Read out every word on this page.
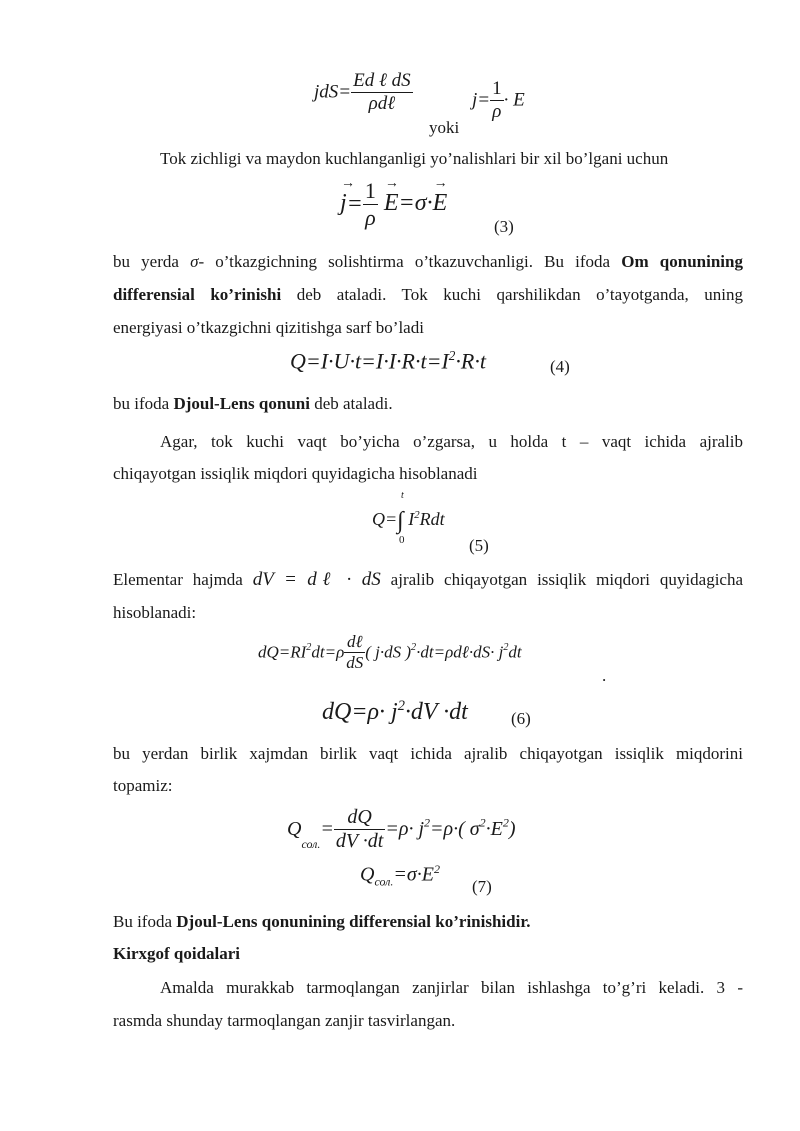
$jdS= \frac{\text{Ed ℓ dS}}{\text{ρdℓ}}$
yoki
$j= \frac{1}{\rho} \cdot E$
Tok zichligi va maydon kuchlanganligi yo’nalishlari bir xil bo’lgani uchun
→ $j= \frac{1}{\rho}$
→ E=σ·→ E
(3)
bu yerda σ- o’tkazgichning solishtirma o’tkazuvchanligi. Bu ifoda Om qonunining
differensial ko’rinishi deb ataladi. Tok kuchi qarshilikdan o’tayotganda, uning
energiyasi o’tkazgichni qizitishga sarf bo’ladi
$Q=I\cdot U\cdot t=I\cdot I\cdot R\cdot t=I^2\cdot R\cdot t$	(4)
bu ifoda Djoul-Lens qonuni deb ataladi.
Agar, tok kuchi vaqt bo’yicha o’zgarsa, u holda t – vaqt ichida ajralib
chiqayotgan issiqlik miqdori quyidagicha hisoblanadi
t
Q=∫ $I^2Rdt$
0	(5)
Elementar hajmda dV = dℓ · dS ajralib chiqayotgan issiqlik miqdori quyidagicha
hisoblanadi:
$dQ=RI^2dt=\rho \frac{\text{dℓ}}{dS}$ ( j·dS )$^2$·dt=ρdℓ·dS· $j^2dt$
.
$dQ=\rho\cdot j^2\cdot dV \cdot dt$	(6)
bu yerdan birlik xajmdan birlik vaqt ichida ajralib chiqayotgan issiqlik miqdorini
topamiz:
$Q_{сол.}= \frac{dQ}{dV \cdot dt} =\rho\cdot j^2=\rho\cdot$( $\sigma^2\cdot E^2$)
$Q_{сол.}=\sigma\cdot E^2$
(7)
Bu ifoda Djoul-Lens qonunining differensial ko’rinishidir.
Kirxgof qoidalari
Amalda murakkab tarmoqlangan zanjirlar bilan ishlashga to’g’ri keladi. 3 -
rasmda shunday tarmoqlangan zanjir tasvirlangan.
